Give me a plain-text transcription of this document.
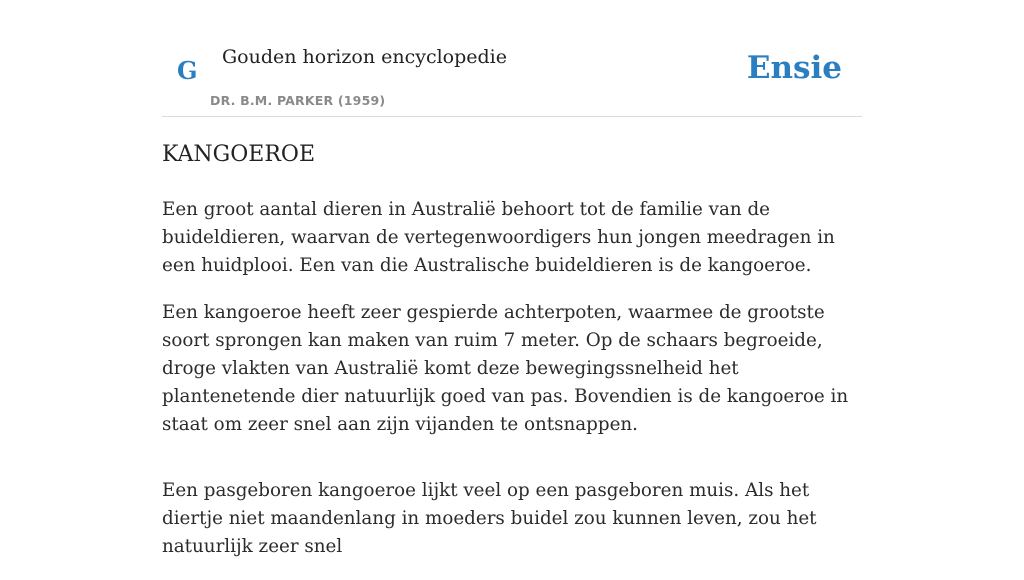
G Gouden horizon encyclopedie
DR. B.M. PARKER (1959)
Ensie
KANGOEROE

Een groot aantal dieren in Australië behoort tot de familie van de buideldieren, waarvan de vertegenwoordigers hun jongen meedragen in een huidplooi. Een van die Australische buideldieren is de kangoeroe.

Een kangoeroe heeft zeer gespierde achterpoten, waarmee de grootste soort sprongen kan maken van ruim 7 meter. Op de schaars begroeide, droge vlakten van Australië komt deze bewegingssnelheid het plantenetende dier natuurlijk goed van pas. Bovendien is de kangoeroe in staat om zeer snel aan zijn vijanden te ontsnappen.

Een pasgeboren kangoeroe lijkt veel op een pasgeboren muis. Als het diertje niet maandenlang in moeders buidel zou kunnen leven, zou het natuurlijk zeer snel
